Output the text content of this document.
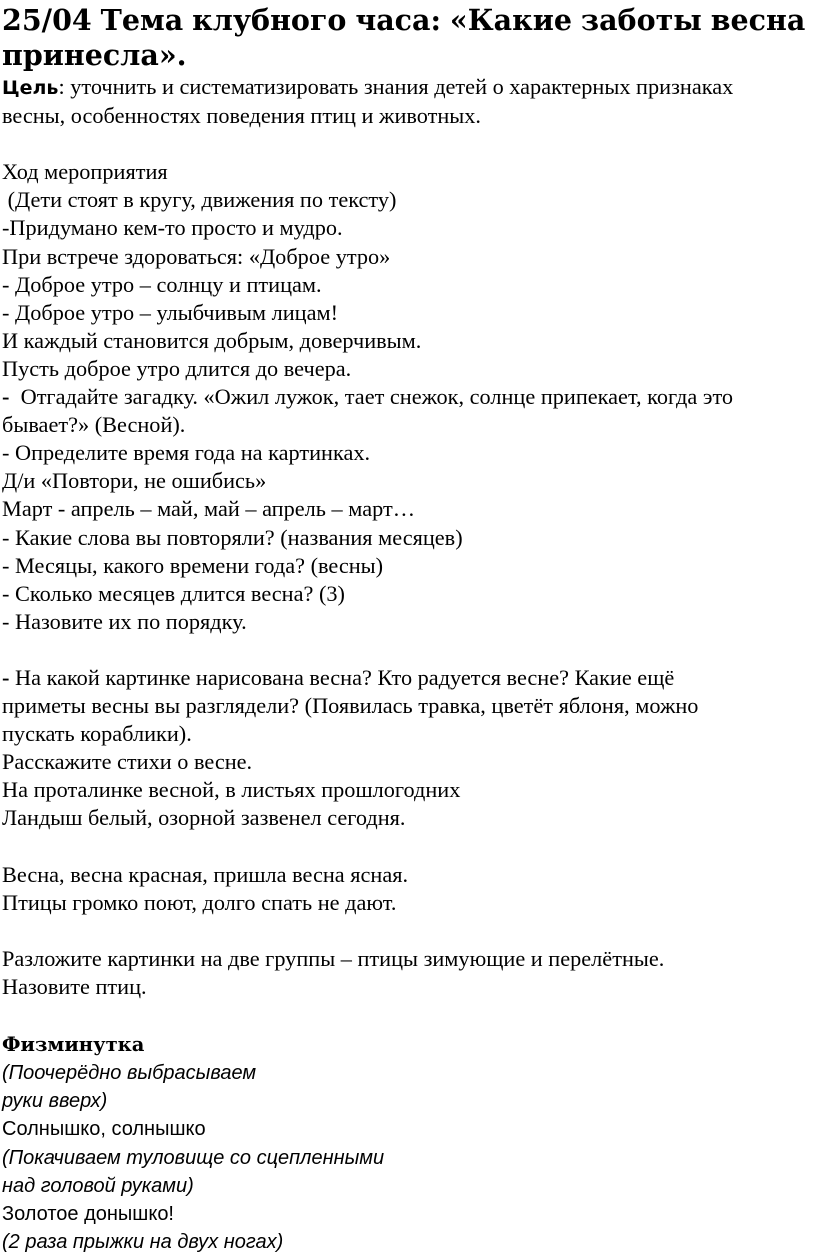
25/04 Тема клубного часа: «Какие заботы весна принесла».

Цель: уточнить и систематизировать знания детей о характерных признаках

весны, особенностях поведения птиц и животных.

Ход мероприятия

(Дети стоят в кругу, движения по тексту)

-Придумано кем-то просто и мудро.

При встрече здороваться: «Доброе утро»

- Доброе утро – солнцу и птицам.

- Доброе утро – улыбчивым лицам!

И каждый становится добрым, доверчивым.

Пусть доброе утро длится до вечера.

-  Отгадайте загадку. «Ожил лужок, тает снежок, солнце припекает, когда это

бывает?» (Весной).

- Определите время года на картинках.

Д/и «Повтори, не ошибись»

Март - апрель – май, май – апрель – март…

- Какие слова вы повторяли? (названия месяцев)

- Месяцы, какого времени года? (весны)

- Сколько месяцев длится весна? (3)

- Назовите их по порядку.

- На какой картинке нарисована весна? Кто радуется весне? Какие ещё

приметы весны вы разглядели? (Появилась травка, цветёт яблоня, можно

пускать кораблики).

Расскажите стихи о весне.

На проталинке весной, в листьях прошлогодних

Ландыш белый, озорной зазвенел сегодня.

Весна, весна красная, пришла весна ясная.

Птицы громко поют, долго спать не дают.

Разложите картинки на две группы – птицы зимующие и перелётные.

Назовите птиц.

Физминутка

(Поочерёдно выбрасываем

руки вверх)

Солнышко, солнышко

(Покачиваем туловище со сцепленными

над головой руками)

Золотое донышко!

(2 раза прыжки на двух ногах)
